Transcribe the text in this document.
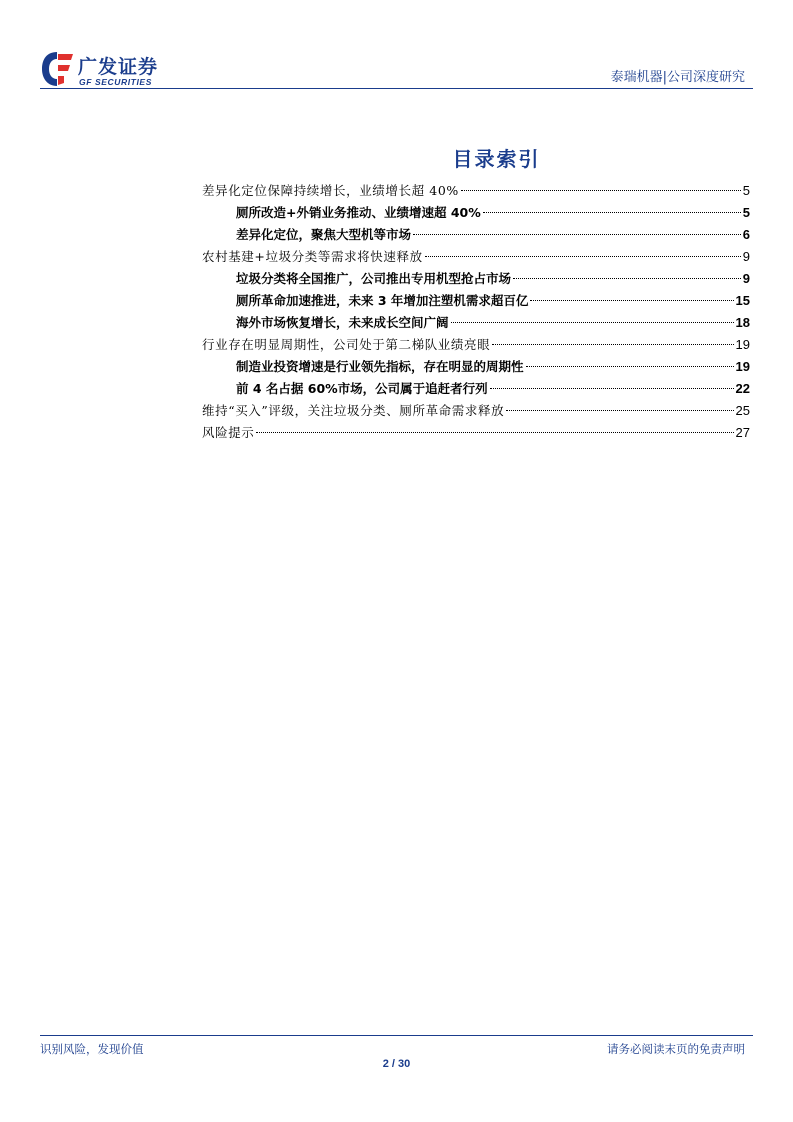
广发证券
GF SECURITIES	泰瑞机器|公司深度研究
目录索引
差异化定位保障持续增长，业绩增长超 40%	5
厕所改造+外销业务推动、业绩增速超 40%	5
差异化定位，聚焦大型机等市场	6
农村基建+垃圾分类等需求将快速释放	9
垃圾分类将全国推广，公司推出专用机型抢占市场	9
厕所革命加速推进，未来 3 年增加注塑机需求超百亿	15
海外市场恢复增长，未来成长空间广阔	18
行业存在明显周期性，公司处于第二梯队业绩亮眼	19
制造业投资增速是行业领先指标，存在明显的周期性	19
前 4 名占据 60%市场，公司属于追赶者行列	22
维持“买入”评级，关注垃圾分类、厕所革命需求释放	25
风险提示	27
识别风险，发现价值	请务必阅读末页的免责声明
2 / 30
